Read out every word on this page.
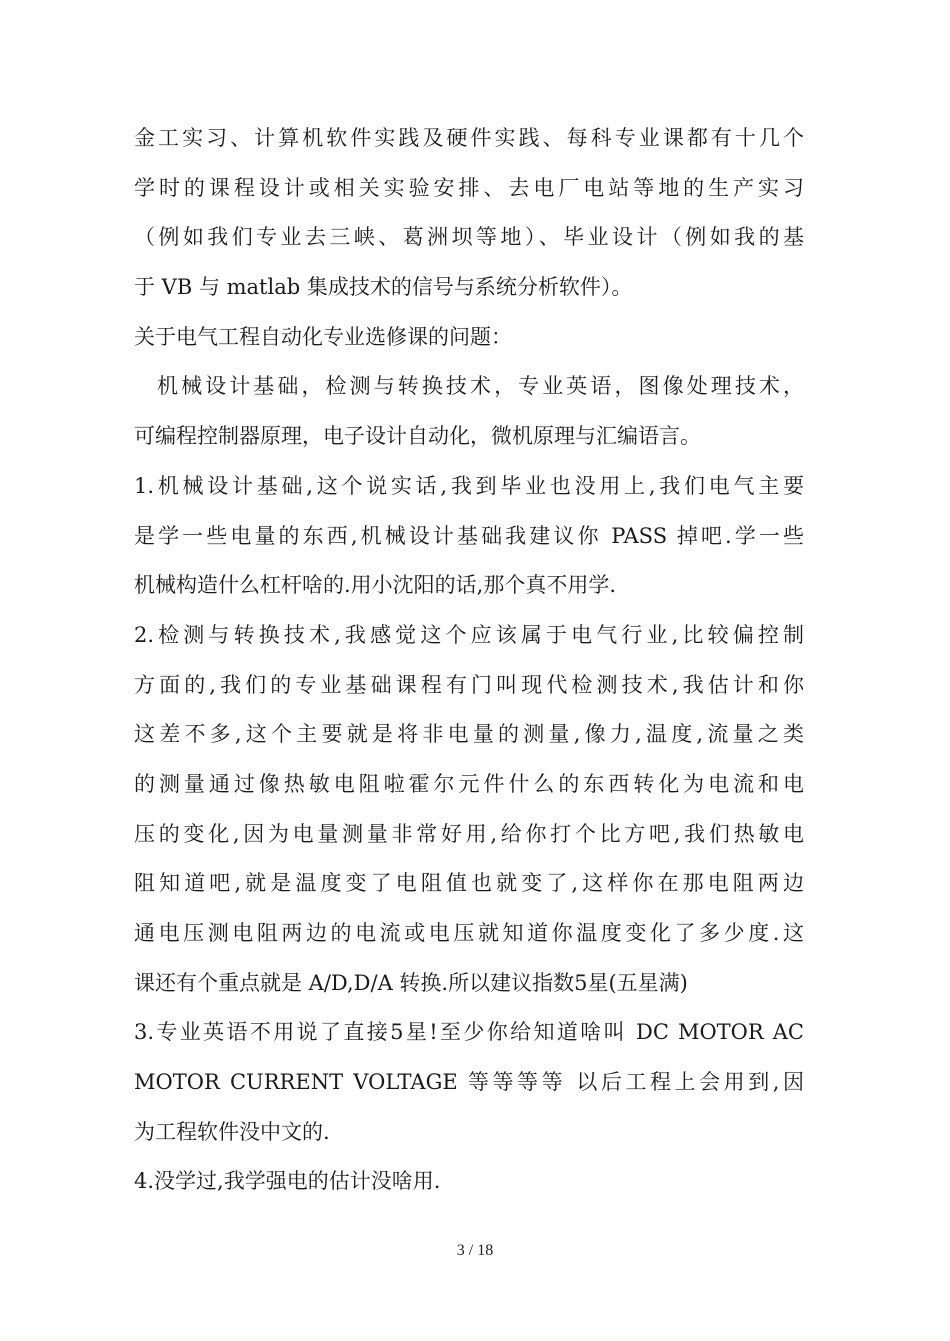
金工实习、计算机软件实践及硬件实践、每科专业课都有十几个
学时的课程设计或相关实验安排、去电厂电站等地的生产实习
（例如我们专业去三峡、葛洲坝等地）、毕业设计（例如我的基
于 VB 与 matlab 集成技术的信号与系统分析软件）。
关于电气工程自动化专业选修课的问题：
机械设计基础，检测与转换技术，专业英语，图像处理技术，
可编程控制器原理，电子设计自动化，微机原理与汇编语言。
1.机械设计基础,这个说实话,我到毕业也没用上,我们电气主要
是学一些电量的东西,机械设计基础我建议你 PASS 掉吧.学一些
机械构造什么杠杆啥的.用小沈阳的话,那个真不用学.
2.检测与转换技术,我感觉这个应该属于电气行业,比较偏控制
方面的,我们的专业基础课程有门叫现代检测技术,我估计和你
这差不多,这个主要就是将非电量的测量,像力,温度,流量之类
的测量通过像热敏电阻啦霍尔元件什么的东西转化为电流和电
压的变化,因为电量测量非常好用,给你打个比方吧,我们热敏电
阻知道吧,就是温度变了电阻值也就变了,这样你在那电阻两边
通电压测电阻两边的电流或电压就知道你温度变化了多少度.这
课还有个重点就是 A/D,D/A 转换.所以建议指数5星(五星满)
3.专业英语不用说了直接5星!至少你给知道啥叫 DC MOTOR AC
MOTOR CURRENT VOLTAGE 等等等等 以后工程上会用到,因
为工程软件没中文的.
4.没学过,我学强电的估计没啥用.
3 / 18
